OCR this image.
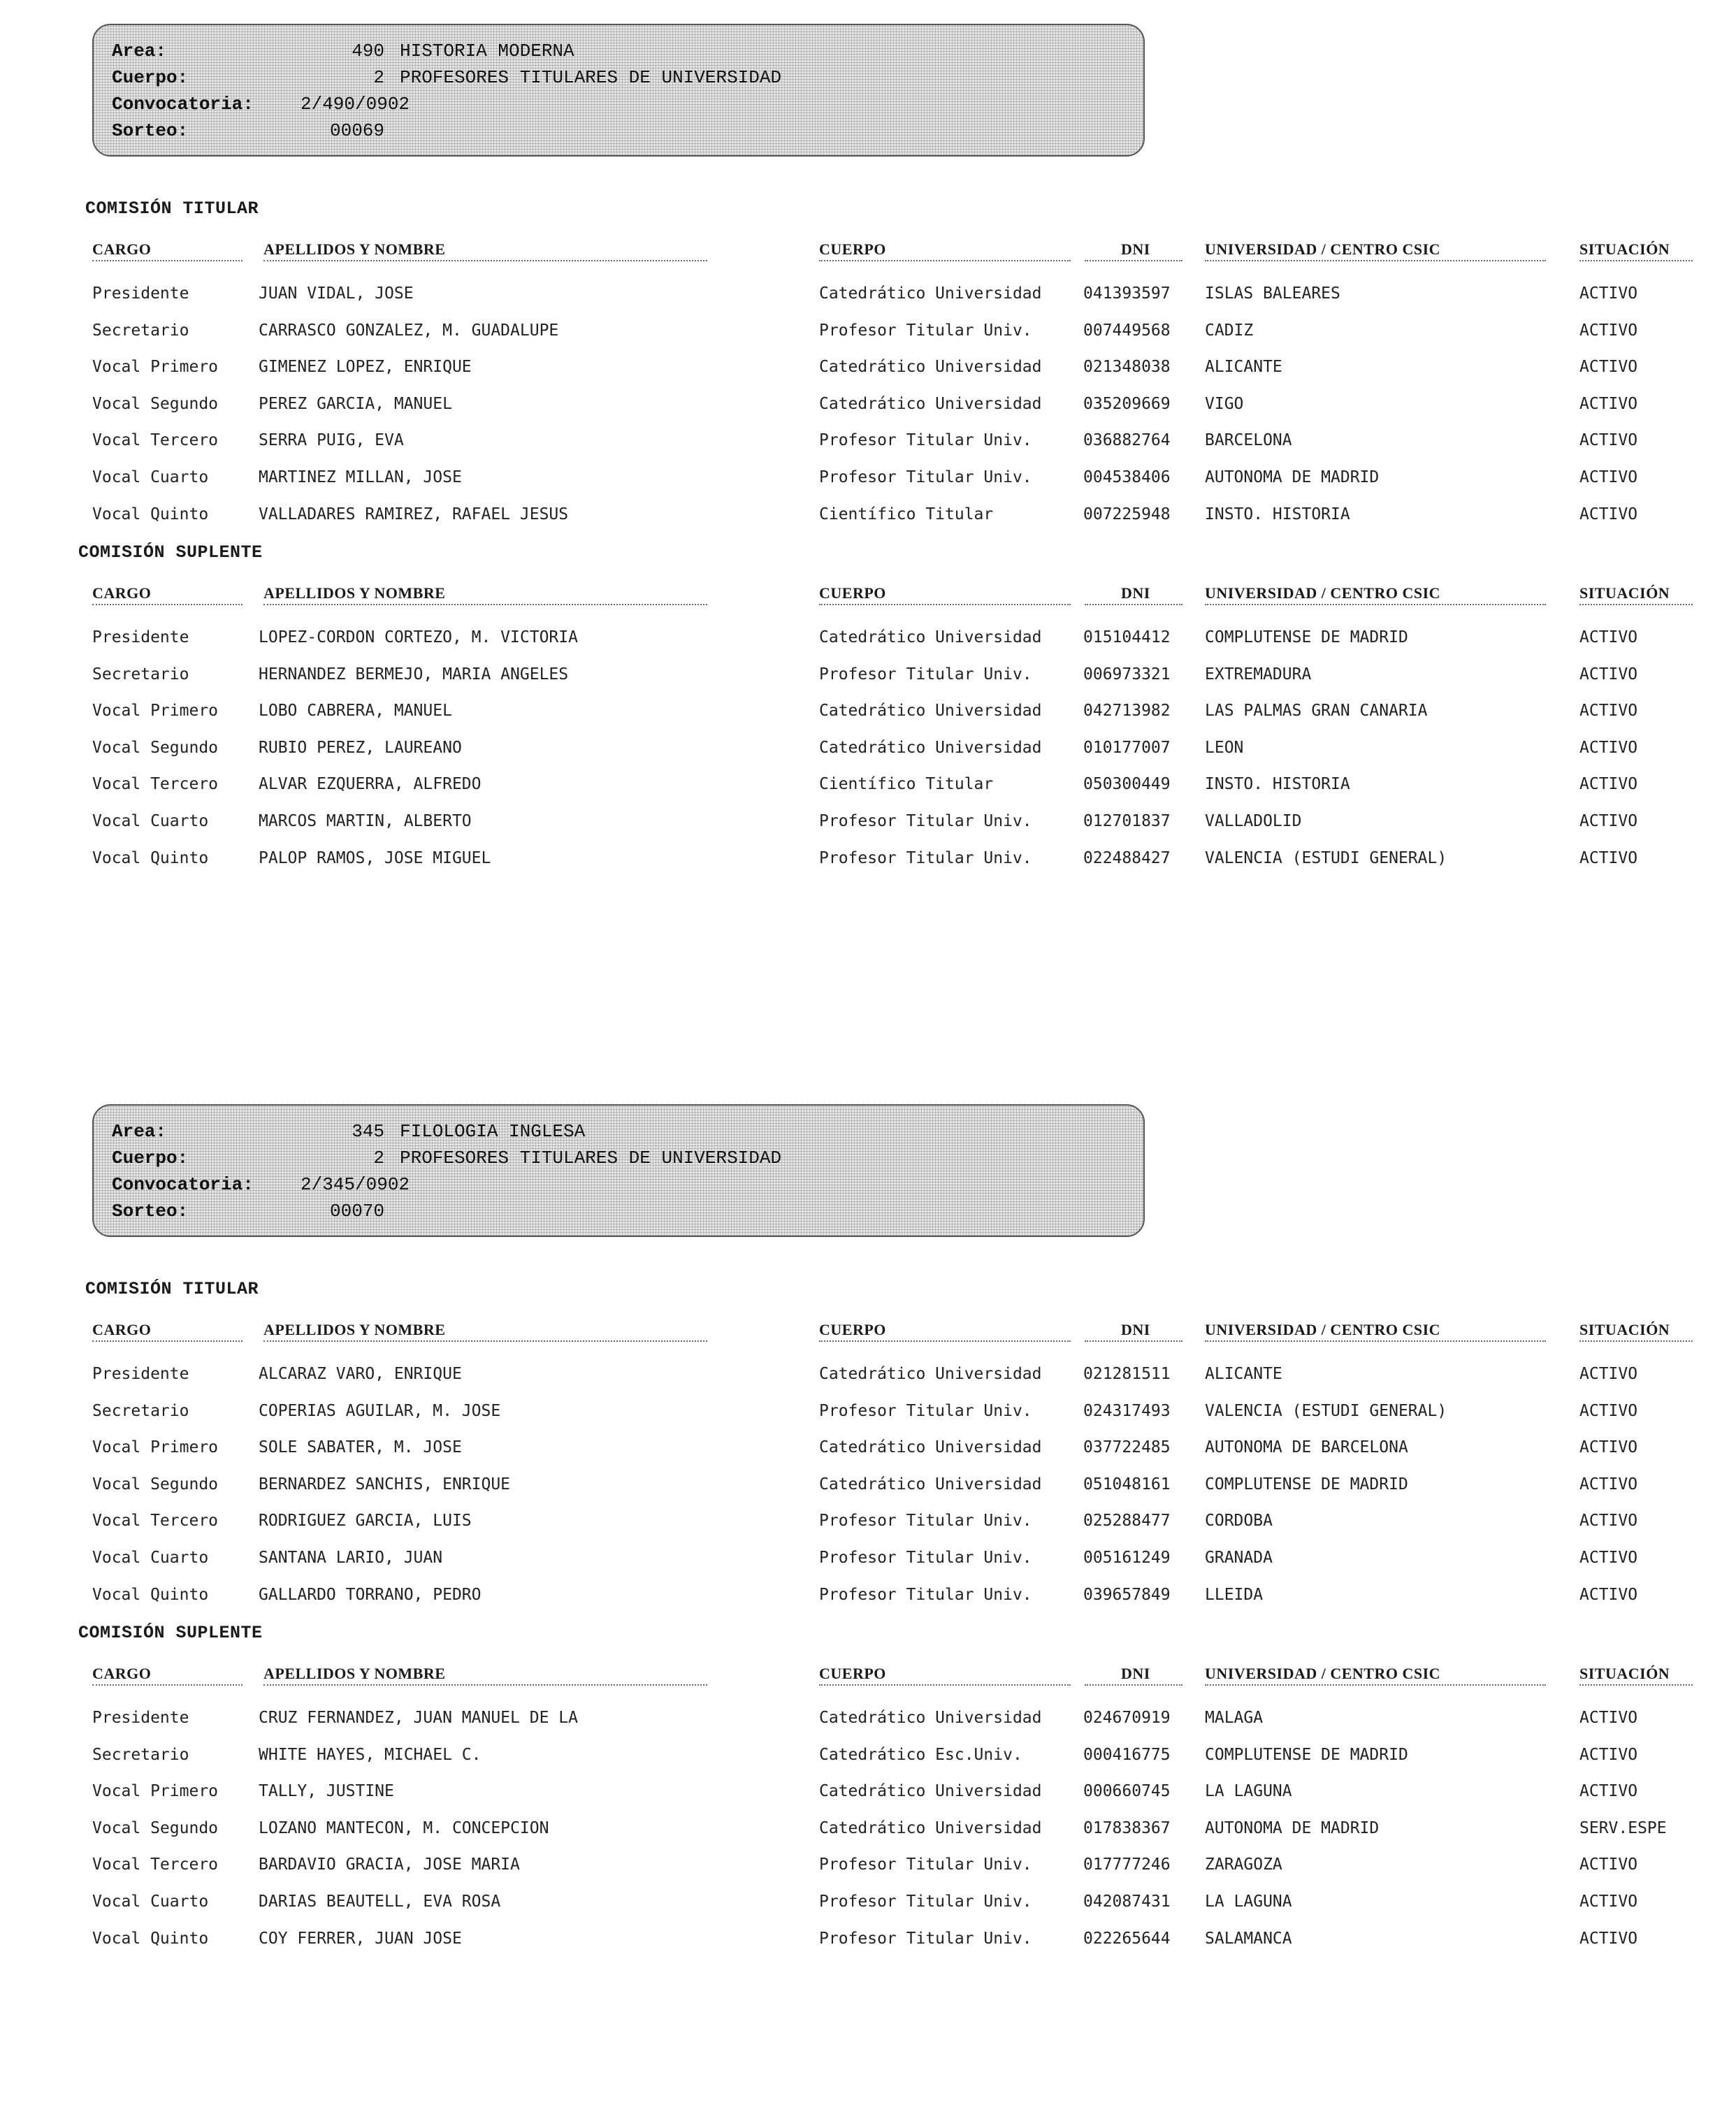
Area:	490 HISTORIA MODERNA
Cuerpo:	2 PROFESORES TITULARES DE UNIVERSIDAD
Convocatoria:	2/490/0902
Sorteo:	00069
COMISIÓN TITULAR
CARGO	APELLIDOS Y NOMBRE	CUERPO	DNI	UNIVERSIDAD / CENTRO CSIC	SITUACIÓN
Presidente	JUAN VIDAL, JOSE	Catedrático Universidad	041393597 ISLAS BALEARES	ACTIVO
Secretario	CARRASCO GONZALEZ, M. GUADALUPE	Profesor Titular Univ.	007449568 CADIZ	ACTIVO
Vocal Primero	GIMENEZ LOPEZ, ENRIQUE	Catedrático Universidad	021348038 ALICANTE	ACTIVO
Vocal Segundo	PEREZ GARCIA, MANUEL	Catedrático Universidad	035209669 VIGO	ACTIVO
Vocal Tercero	SERRA PUIG, EVA	Profesor Titular Univ.	036882764 BARCELONA	ACTIVO
Vocal Cuarto	MARTINEZ MILLAN, JOSE	Profesor Titular Univ.	004538406 AUTONOMA DE MADRID	ACTIVO
Vocal Quinto	VALLADARES RAMIREZ, RAFAEL JESUS	Científico Titular	007225948 INSTO. HISTORIA	ACTIVO
COMISIÓN SUPLENTE
CARGO	APELLIDOS Y NOMBRE	CUERPO	DNI	UNIVERSIDAD / CENTRO CSIC	SITUACIÓN
Presidente	LOPEZ-CORDON CORTEZO, M. VICTORIA	Catedrático Universidad	015104412 COMPLUTENSE DE MADRID	ACTIVO
Secretario	HERNANDEZ BERMEJO, MARIA ANGELES	Profesor Titular Univ.	006973321 EXTREMADURA	ACTIVO
Vocal Primero	LOBO CABRERA, MANUEL	Catedrático Universidad	042713982 LAS PALMAS GRAN CANARIA	ACTIVO
Vocal Segundo	RUBIO PEREZ, LAUREANO	Catedrático Universidad	010177007 LEON	ACTIVO
Vocal Tercero	ALVAR EZQUERRA, ALFREDO	Científico Titular	050300449 INSTO. HISTORIA	ACTIVO
Vocal Cuarto	MARCOS MARTIN, ALBERTO	Profesor Titular Univ.	012701837 VALLADOLID	ACTIVO
Vocal Quinto	PALOP RAMOS, JOSE MIGUEL	Profesor Titular Univ.	022488427 VALENCIA (ESTUDI GENERAL)	ACTIVO
Area:	345 FILOLOGIA INGLESA
Cuerpo:	2 PROFESORES TITULARES DE UNIVERSIDAD
Convocatoria:	2/345/0902
Sorteo:	00070
COMISIÓN TITULAR
CARGO	APELLIDOS Y NOMBRE	CUERPO	DNI	UNIVERSIDAD / CENTRO CSIC	SITUACIÓN
Presidente	ALCARAZ VARO, ENRIQUE	Catedrático Universidad	021281511 ALICANTE	ACTIVO
Secretario	COPERIAS AGUILAR, M. JOSE	Profesor Titular Univ.	024317493 VALENCIA (ESTUDI GENERAL)	ACTIVO
Vocal Primero	SOLE SABATER, M. JOSE	Catedrático Universidad	037722485 AUTONOMA DE BARCELONA	ACTIVO
Vocal Segundo	BERNARDEZ SANCHIS, ENRIQUE	Catedrático Universidad	051048161 COMPLUTENSE DE MADRID	ACTIVO
Vocal Tercero	RODRIGUEZ GARCIA, LUIS	Profesor Titular Univ.	025288477 CORDOBA	ACTIVO
Vocal Cuarto	SANTANA LARIO, JUAN	Profesor Titular Univ.	005161249 GRANADA	ACTIVO
Vocal Quinto	GALLARDO TORRANO, PEDRO	Profesor Titular Univ.	039657849 LLEIDA	ACTIVO
COMISIÓN SUPLENTE
CARGO	APELLIDOS Y NOMBRE	CUERPO	DNI	UNIVERSIDAD / CENTRO CSIC	SITUACIÓN
Presidente	CRUZ FERNANDEZ, JUAN MANUEL DE LA	Catedrático Universidad	024670919 MALAGA	ACTIVO
Secretario	WHITE HAYES, MICHAEL C.	Catedrático Esc.Univ.	000416775 COMPLUTENSE DE MADRID	ACTIVO
Vocal Primero	TALLY, JUSTINE	Catedrático Universidad	000660745 LA LAGUNA	ACTIVO
Vocal Segundo	LOZANO MANTECON, M. CONCEPCION	Catedrático Universidad	017838367 AUTONOMA DE MADRID	SERV.ESPE
Vocal Tercero	BARDAVIO GRACIA, JOSE MARIA	Profesor Titular Univ.	017777246 ZARAGOZA	ACTIVO
Vocal Cuarto	DARIAS BEAUTELL, EVA ROSA	Profesor Titular Univ.	042087431 LA LAGUNA	ACTIVO
Vocal Quinto	COY FERRER, JUAN JOSE	Profesor Titular Univ.	022265644 SALAMANCA	ACTIVO
